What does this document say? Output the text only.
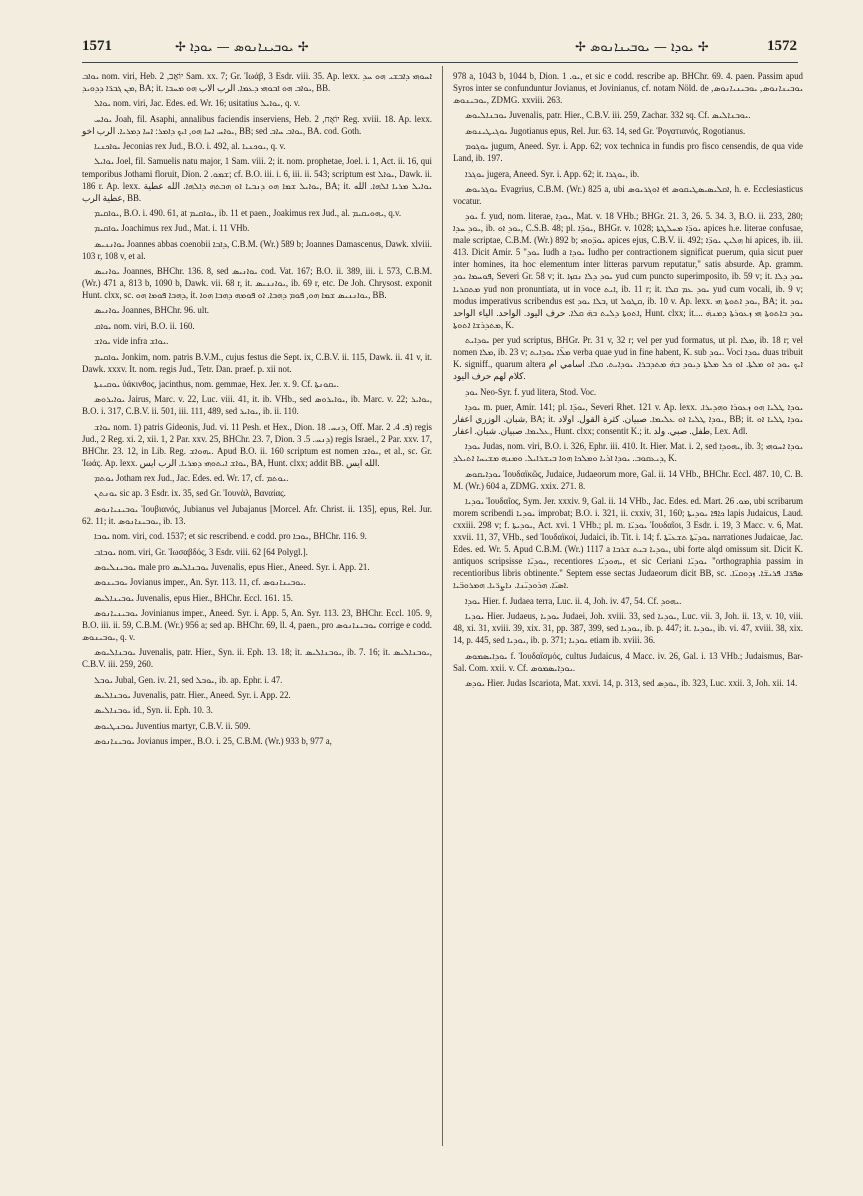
1571	✢ ܝܘܒܝܢܐܢܘܣ — ܝܘܕܐ ✢	✢ ܝܘܕܐ — ܝܘܒܝܢܐܢܘܣ ✢	1572

ܝܘܐܒ nom. viri, Heb. יוֹאָב, 2 Sam. xx. 7; Gr. Ἰωάβ, 3 Esdr. viii. 35. Ap. lexx. ܐܚܘܗܝ ܕܐܒܫܝ ܗܘ ܚܕ ܡܢ ܓܒܪ̈ܐ ܕܕܘܝܕ, BA; it. ܝܘܐܒ ܗܘ ܐܒܘܗܝ ܕܥܡܐ. الرب الاب ܗܘ ܡܚܒܐ, BB.

ܝܘܐܠ nom. viri, Jac. Edes. ed. Wr. 16; usitatius ܝܘܐܝܠ, q. v.

ܝܘܐܚ Joah, fil. Asaphi, annalibus faciendis inserviens, Heb. יוֹאָח, 2 Reg. xviii. 18. Ap. lexx. ܝܘܐܚ ܐܚܐ ܗܘ, ܐܝܟ ܕܐܡܪ: ܐܚܐ ܕܡܪܝܐ. الرب اخو, BB; sed ܝܘܐܒ ܚܐܒ, BA. cod. Goth.

ܝܘܐܟܢܝܐ Jeconias rex Jud., B.O. i. 492, al. ܝܘܟܢܝܐ, q. v.

ܝܘܐܝܠ Joel, fil. Samuelis natu major, 1 Sam. viii. 2; it. nom. prophetae, Joel. i. 1, Act. ii. 16, qui temporibus Jothami floruit, Dion. ܫܡܘ. 2; cf. B.O. iii. i. 6, iii. ii. 543; scriptum est ܝܘܐܠ, Dawk. ii. 186 r. Ap. lexx. ܝܘܐܝܠ ܫܡܐ ܗܘ ܕܢܒܝܐ ܐܘ ܗܒܬܗ ܕܐܠܗܐ. الله عطية, BA; it. ܝܘܐܝܠ ܡܪܝܐ ܐܠܗܐ. الله عطية الرب, BB.

ܝܘܐܩܝܡ, B.O. i. 490. 61, at ܝܘܐܩܝܡ, ib. 11 et paen., Joakimus rex Jud., al. ܝܗܘܝܩܝܡ, q.v.

ܝܘܐܩܝܡ Joachimus rex Jud., Mat. i. 11 VHb.

ܝܘܐܢܢܝܣ Joannes abbas coenobii ܕܐܒܐ, C.B.M. (Wr.) 589 b; Joannes Damascenus, Dawk. xlviii. 103 r, 108 v, et al.

ܝܘܐܢܝܣ Joannes, BHChr. 136. 8, sed ܝܘܐܢܝܣ cod. Vat. 167; B.O. ii. 389, iii. i. 573, C.B.M. (Wr.) 471 a, 813 b, 1090 b, Dawk. vii. 68 r, it. ܝܘܐܢܢܝܣ, ib. 69 r, etc. De Joh. Chrysost. exponit Hunt. clxx, sc. ܕܗܒܐ ܦܘܡܐ ܗܘ, it. ܝܘܐܢܢܝܣ ܫܡܐ ܗܘ, ܦܘܡ ܕܗܒܐ. ܐܘ ܦܘܡܗ ܕܗܒܐ ܗܘܐ, BB.

ܝܘܐܢܝܣ Joannes, BHChr. 96. ult.

ܝܘܐܩ nom. viri, B.O. ii. 160.

ܝܘܐܫ vide infra ܝܘܐܫ.

ܝܘܐܩܝܡ Jonkim, nom. patris B.V.M., cujus festus die Sept. ix, C.B.V. ii. 115, Dawk. ii. 41 v, it. Dawk. xxxv. It. nom. regis Jud., Tetr. Dan. praef. p. xii not.

ܝܘܩܝܢܬܐ ὑάκινθος, jacinthus, nom. gemmae, Hex. Jer. x. 9. Cf. ܝܩܘܢܬܐ.

ܝܘܐܝܪܘܣ Jairus, Marc. v. 22, Luc. viii. 41, it. ib. VHb., sed ܝܘܐܝܪܘܣ, ib. Marc. v. 22; ܝܘܐܝܪ, B.O. i. 317, C.B.V. ii. 501, iii. 111, 489, sed ܝܘܐܝܪ, ib. ii. 110.

ܝܘܐܫ nom. 1) patris Gideonis, Jud. vi. 11 Pesh. et Hex., Dion. ܕܢܚ. 18, Off. Mar. ܦ. 4. 2) regis Jud., 2 Reg. xi. 2, xii. 1, 2 Par. xxv. 25, BHChr. 23. 7, Dion. ܕܢܚ. 5. 3) regis Israel., 2 Par. xxv. 17, BHChr. 23. 12, in Lib. Reg. ܝܗܘܐܫ. Apud B.O. ii. 160 scriptum est nomen ܝܘܐܫ, et al., sc. Gr. Ἰωάς. Ap. lexx. ܝܘܐܫ ܐܝܬܘܗܝ ܕܡܪܝܐ. الرب ايس, BA, Hunt. clxx; addit BB. الله ايس.

ܝܘܬܡ Jotham rex Jud., Jac. Edes. ed. Wr. 17, cf. ܝܘܬܡ.

ܝܘܢܬܢ sic ap. 3 Esdr. ix. 35, sed Gr. Ἰουνὰλ, Βαναίας.

ܝܘܒܝܢܝܐܢܘܣ Ἰουβιανός, Jubianus vel Jubajanus [Morcel. Afr. Christ. ii. 135], epus, Rel. Jur. 62. 11; it. ܝܘܒܝܢܐܢܘܣ, ib. 13.

ܝܘܒܐ nom. viri, cod. 1537; et sic rescribend. e codd. pro ܝܘܒܐ, BHChr. 116. 9.

ܝܘܒܐܒ nom. viri, Gr. Ἰωσαβδός, 3 Esdr. viii. 62 [64 Polygl.].

ܝܘܒܝܢܠܝܘܣ male pro ܝܘܒܢܐܠܝܣ Juvenalis, epus Hier., Aneed. Syr. i. App. 21.

ܝܘܒܝܢܘܣ Jovianus imper., An. Syr. 113. 11, cf. ܝܘܒܝܢܐܢܘܣ.

ܝܘܒܝܢܐܠܝܣ Juvenalis, epus Hier., BHChr. Eccl. 161. 15.

ܝܘܒܝܢܝܐܢܘܣ Jovinianus imper., Aneed. Syr. i. App. 5, An. Syr. 113. 23, BHChr. Eccl. 105. 9, B.O. iii. ii. 59, C.B.M. (Wr.) 956 a; sed ap. BHChr. 69, ll. 4, paen., pro ܝܘܒܝܢܐܢܘܣ corrige e codd. ܝܘܒܝܢܘܣ, q. v.

ܝܘܒܢܐܠܝܘܣ Juvenalis, patr. Hier., Syn. ii. Eph. 13. 18; it. ܝܘܒܢܐܠܝܣ, ib. 7. 16; it. ܝܘܒܢܐܠܝܣ, C.B.V. iii. 259, 260.

ܝܘܒܠ Jubal, Gen. iv. 21, sed ܝܘܒܠ, ib. ap. Ephr. i. 47.

ܝܘܒܢܐܠܝܣ Juvenalis, patr. Hier., Aneed. Syr. i. App. 22.

ܝܘܒܢܐܠܝܣ id., Syn. ii. Eph. 10. 3.

ܝܘܒܢܛܝܘܣ Juventius martyr, C.B.V. ii. 509.

ܝܘܒܝܢܐܢܘܣ Jovianus imper., B.O. i. 25, C.B.M. (Wr.) 933 b, 977 a,

978 a, 1043 b, 1044 b, Dion. ܝܘ. 1, et sic e codd. rescribe ap. BHChr. 69. 4. paen. Passim apud Syros inter se confunduntur Jovianus, et Jovinianus, cf. notam Nöld. de ܝܘܒܝܢܐܢܘܣ, ܝܘܒܝܢܝܐܢܘܣ, ܝܘܒܝܢܘܣ, ZDMG. xxviii. 263.

ܝܘܒܢܐܠܝܘܣ Juvenalis, patr. Hier., C.B.V. iii. 259, Zachar. 332 sq. Cf. ܝܘܒܢܐܠܝܣ.

ܝܘܓܝܛܝܢܘܣ Jugotianus epus, Rel. Jur. 63. 14, sed Gr. Ῥογατιανός, Rogotianus.

ܝܘܓܘܡ jugum, Aneed. Syr. i. App. 62; vox technica in fundis pro fisco censendis, de qua vide Land, ib. 197.

ܝܘܓܪܐ jugera, Aneed. Syr. i. App. 62; it. ܝܘܓܪܐ, ib.

ܝܘܓܪܝܘܣ Evagrius, C.B.M. (Wr.) 825 a, ubi ܐܘܓܪܝܘܣ et ܐܩܠܝܣܝܣܛܝܩܘܣ, h. e. Ecclesiasticus vocatur.

ܝܘܕ f. yud, nom. literae, ܝܘܕܐ, Mat. v. 18 VHb.; BHGr. 21. 3, 26. 5. 34. 3, B.O. ii. 233, 280; ܝܘܕ ܚܕܐ, ib. ܝܘܕ ܐܘ, C.S.B. 48; pl. ܝܘܕ̈ܐ, BHGr. v. 1028; ܝܘܕ̈ܐ ܡܚܠܛܬܐ apices h.e. literae confusae, male scriptae, C.B.M. (Wr.) 892 b; ܝܘܕ̈ܘܗܝ apices ejus, C.B.V. ii. 492; ܗܠܝܢ ܝܘܕ̈ܐ hi apices, ib. iii. 413. Dicit Amir. 5 "ܝܘܕ Iudh a ܝܘܕܐ Iudho per contractionem significat puerum, quia sicut puer inter homines, ita hoc elementum inter litteras parvum reputatur," satis absurde. Ap. gramm. ܦܘܚܡܐ ܝܘܕ, Severi Gr. 58 v; it. ܝܘܕ ܕܠܐ ܢܩܙܐ yud cum puncto superimposito, ib. 59 v; it. ܝܘܕ ܕܠܐ ܡܬܩܪܝܐ yud non pronuntiata, ut in voce ܐܝܬ, ib. 11 r; it. ܝܘܕ ܥܡ ܩܠܐ yud cum vocali, ib. 9 v; modus imperativus scribendus est ܒܠܐ ܝܘܕ, ut ܩܛܘܠ, ib. 10 v. Ap. lexx. ܝܘܕ ܐܬܘܬܐ ܗܝ, BA; it. ܝܘܕ ܐܬܘܬܐ ܕܠܝܬ ܒܗ̇ ܩܠܐ. حرف اليود. الواحد. الياء الواحد, Hunt. clxx; it.... ܝܘܕ ܒܐܬܘܬܐ ܗܝ ܙܥܘܪܬܐ ܕܡܢܗ̇ ܡܬܕܪܫܐ ܐܬܘܬܐ, K.

ܝܘܕܐܝܬ per yud scriptus, BHGr. Pr. 31 v, 32 r; vel per yud formatus, ut pl. ܡܠܐ, ib. 18 r; vel nomen ܡܠܐ, ib. 23 v; ܡܠ̈ܐ ܝܘܕܐܝܬ verba quae yud in fine habent, K. sub ܝܘܕ. Voci ܝܘܕܐ duas tribuit K. signiff., quarum altera ܐܝܟ ܝܘܕ ܐܘ ܡܠܬܐ. ܐܘ ܟܠ ܡܠܬܐ ܕܝܘܕ ܒܗ̇ ܡܬܕܒܪܐ. ܝܘܕܐܝܬ. ܩܠܐ. اسامي ام كلام لهم حرف اليود.

ܝܘܕ Neo-Syr. f. yud litera, Stod. Voc.

ܝܘܕܐ m. puer, Amir. 141; pl. ܝܘܕ̈ܐ, Severi Rhet. 121 v. Ap. lexx. ܝܘܕܐ ܛܠܝܐ ܗܘ ܙܥܘܪܐ ܘܗܕܝܪܐ. شبان. الوزري اعفار, BA; it. ܝܘܕܐ ܛܠܝܐ ܐܘ ܥܠܝܡܐ. صبيان. كثرة القول. اولاد, BB; it. ܝܘܕܐ ܛܠܝܐ ܐܘ ܥܠܝܡܐ. صبيان. شبان. اعفار, Hunt. clxx; consentit K.; it. طفل. صبي. ولد, Lex. Adl.

ܝܘܕܐ Judas, nom. viri, B.O. i. 326, Ephr. iii. 410. It. Hier. Mat. i. 2, sed ܝܗܘܕܐ, ib. 3; ܝܘܕܐ ܐܚܘܗܝ ܕܝܥܩܘܒ. ܝܘܕܐ ܐܪܝܐ ܘܡܠܟܐ ܗܘܐ ܒܝܫܪܐܝܠ. ܘܡܢܗ ܡܫܝܚܐ ܐܬܝܠܕ, K.

ܝܘܕܐܝܩܘܣ Ἰουδαϊκῶς, Judaice, Judaeorum more, Gal. ii. 14 VHb., BHChr. Eccl. 487. 10, C. B. M. (Wr.) 604 a, ZDMG. xxix. 271. 8.

ܝܘܕܝܐ Ἰουδαῖος, Sym. Jer. xxxiv. 9, Gal. ii. 14 VHb., Jac. Edes. ed. Mart. ܡܘ. 26, ubi scribarum morem scribendi ܝܘܕܝܐ improbat; B.O. i. 321, ii. cxxiv, 31, 160; ܟܐܦܐ ܝܘܕܝܬܐ lapis Judaicus, Laud. cxxiii. 298 v; f. ܝܘܕܝܬܐ, Act. xvi. 1 VHb.; pl. m. ܝܘܕܝ̈ܐ Ἰουδαῖοι, 3 Esdr. i. 19, 3 Macc. v. 6, Mat. xxvii. 11, 37, VHb., sed Ἰουδαϊκοί, Judaici, ib. Tit. i. 14; f. ܝܘܕܝ̈ܬܐ ܬܫܥܝ̈ܬܐ narrationes Judaicae, Jac. Edes. ed. Wr. 5. Apud C.B.M. (Wr.) 1117 a ܝܘܕܝܐ ܒܝܬ ܫܪܒܐ, ubi forte alqd omissum sit. Dicit K. antiquos scripsisse ܝܘܕܝ̈ܐ, recentiores ܝܗܘܕܝ̈ܐ, et sic Ceriani ܝܘܕܝ̈ܐ "orthographia passim in recentioribus libris obtinente." Septem esse sectas Judaeorum dicit BB, sc. ܣܦܪ̈ܐ. ܦܪܝܫ̈ܐ. ܙܕܘܩܝ̈ܐ. ܐܣܝ̈ܐ. ܗܪܘܕܝ̈ܢܐ. ܢܐܨܪ̈ܝܐ. ܗܡܪܘܒ̈ܝܐ.

ܝܘܕܐ Hier. f. Judaea terra, Luc. ii. 4, Joh. iv. 47, 54. Cf. ܝܗܘܕ.

ܝܘܕܝܐ Hier. Judaeus, ܝܘܕܝܐ Judaei, Joh. xviii. 33, sed ܝܘܕܝܐ, Luc. vii. 3, Joh. ii. 13, v. 10, viii. 48, xi. 31, xviii. 39, xix. 31, pp. 387, 399, sed ܝܘܕܝܐ, ib. p. 447; it. ܝܘܕܝܐ, ib. vi. 47, xviii. 38, xix. 14, p. 445, sed ܝܘܕܝܐ, ib. p. 371; ܝܘܕܝܐ etiam ib. xviii. 36.

ܝܘܕܐܝܣܡܘܣ f. Ἰουδαϊσμός, cultus Judaicus, 4 Macc. iv. 26, Gal. i. 13 VHb.; Judaismus, Bar-Sal. Com. xxii. v. Cf. ܝܘܕܐܝܣܡܘܣ.

ܝܘܕܣ Hier. Judas Iscariota, Mat. xxvi. 14, p. 313, sed ܝܘܕܣ, ib. 323, Luc. xxii. 3, Joh. xii. 14.
